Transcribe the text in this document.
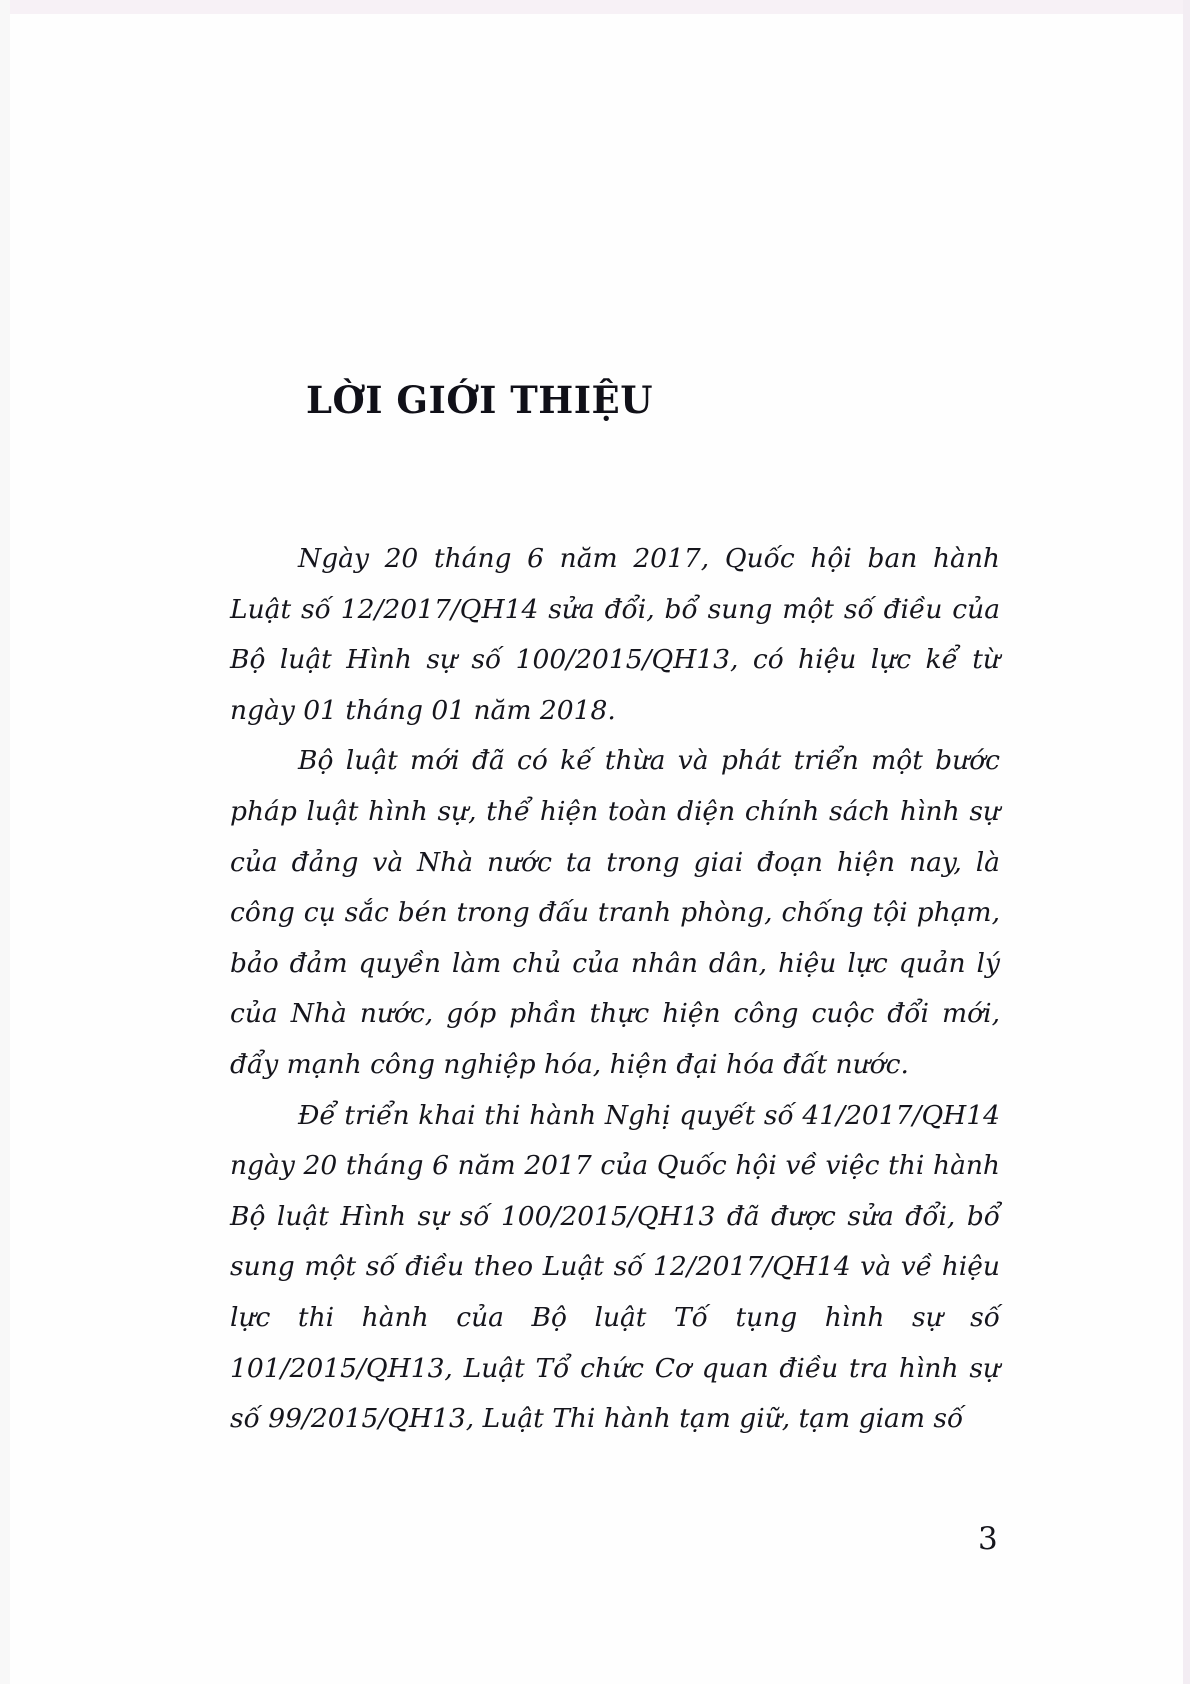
LỜI GIỚI THIỆU

Ngày 20 tháng 6 năm 2017, Quốc hội ban hành Luật số 12/2017/QH14 sửa đổi, bổ sung một số điều của Bộ luật Hình sự số 100/2015/QH13, có hiệu lực kể từ ngày 01 tháng 01 năm 2018.

Bộ luật mới đã có kế thừa và phát triển một bước pháp luật hình sự, thể hiện toàn diện chính sách hình sự của đảng và Nhà nước ta trong giai đoạn hiện nay, là công cụ sắc bén trong đấu tranh phòng, chống tội phạm, bảo đảm quyền làm chủ của nhân dân, hiệu lực quản lý của Nhà nước, góp phần thực hiện công cuộc đổi mới, đẩy mạnh công nghiệp hóa, hiện đại hóa đất nước.

Để triển khai thi hành Nghị quyết số 41/2017/QH14 ngày 20 tháng 6 năm 2017 của Quốc hội về việc thi hành Bộ luật Hình sự số 100/2015/QH13 đã được sửa đổi, bổ sung một số điều theo Luật số 12/2017/QH14 và về hiệu lực thi hành của Bộ luật Tố tụng hình sự số 101/2015/QH13, Luật Tổ chức Cơ quan điều tra hình sự số 99/2015/QH13, Luật Thi hành tạm giữ, tạm giam số

3
